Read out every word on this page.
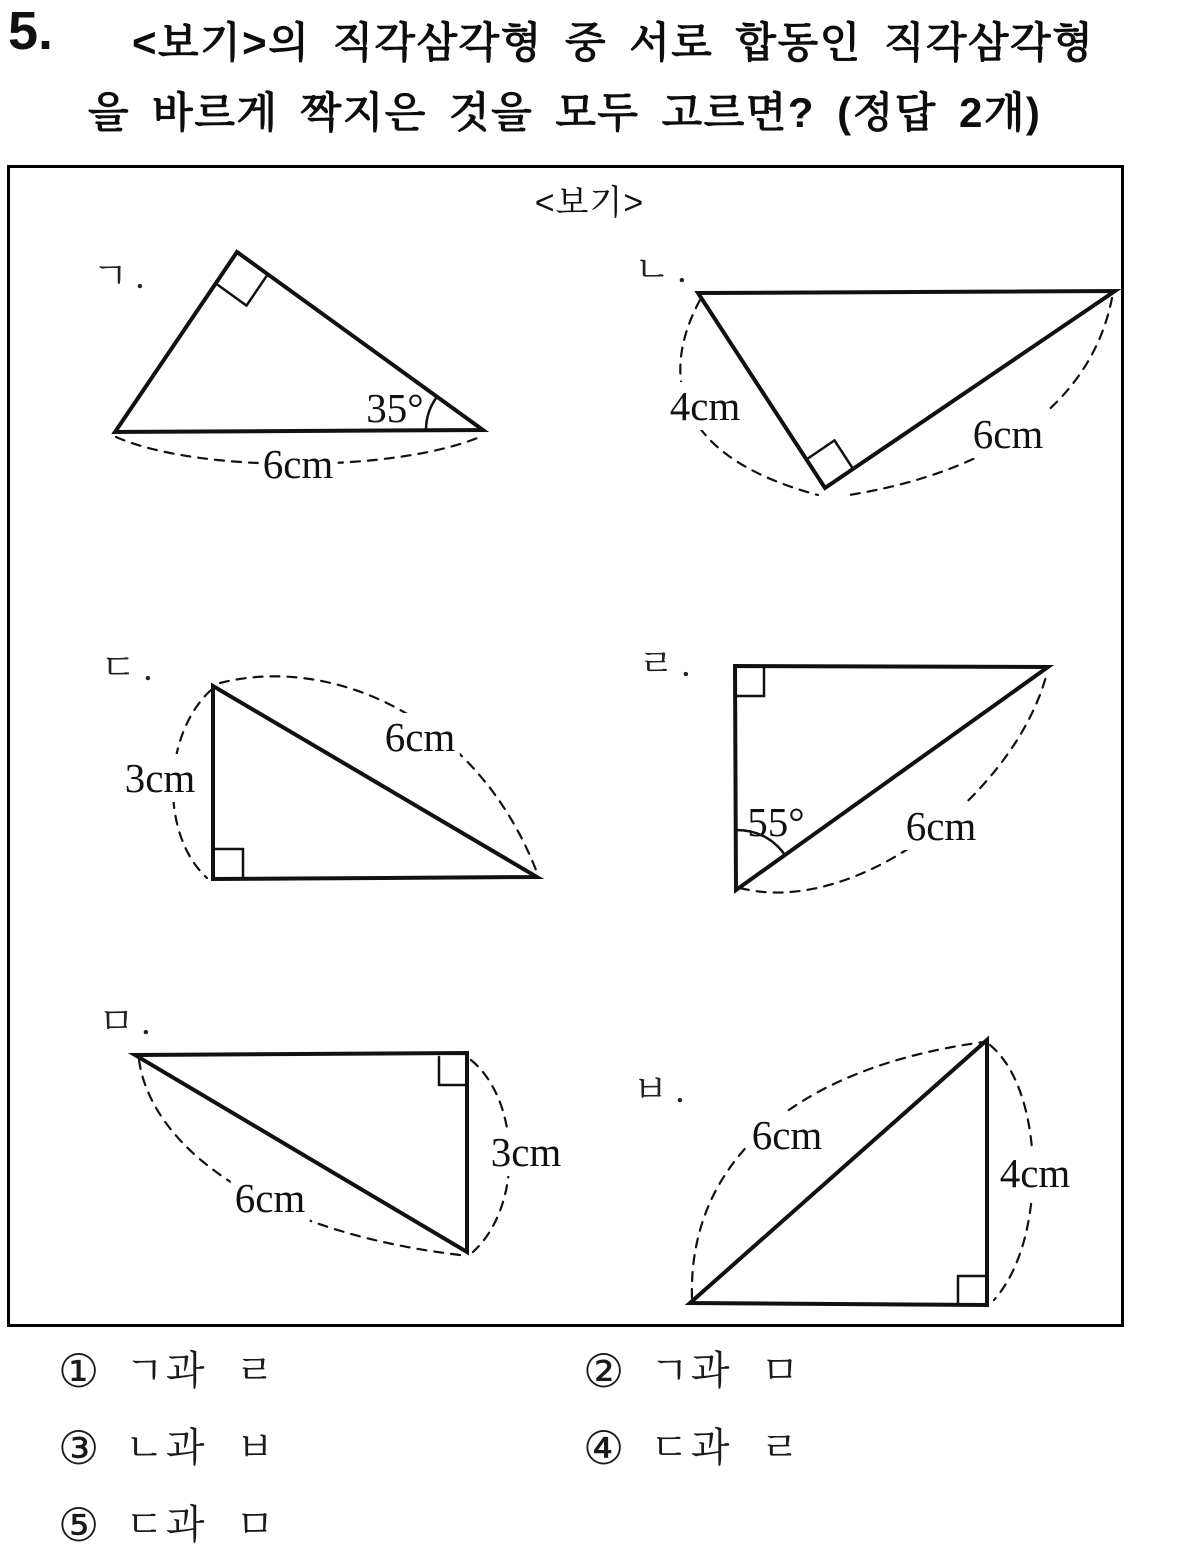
5. <보기>의 직각삼각형 중 서로 합동인 직각삼각형
을 바르게 짝지은 것을 모두 고르면? (정답 2개)
<보기>
ㄱ.	ㄴ.
ㄷ.	ㄹ.
ㅁ.
ㅂ.
35°
6cm
4cm
6cm
3cm
6cm
55° 6cm
6cm
3cm	6cm
4cm
① ㄱ과 ㄹ	② ㄱ과 ㅁ
③ ㄴ과 ㅂ	④ ㄷ과 ㄹ
⑤ ㄷ과 ㅁ
